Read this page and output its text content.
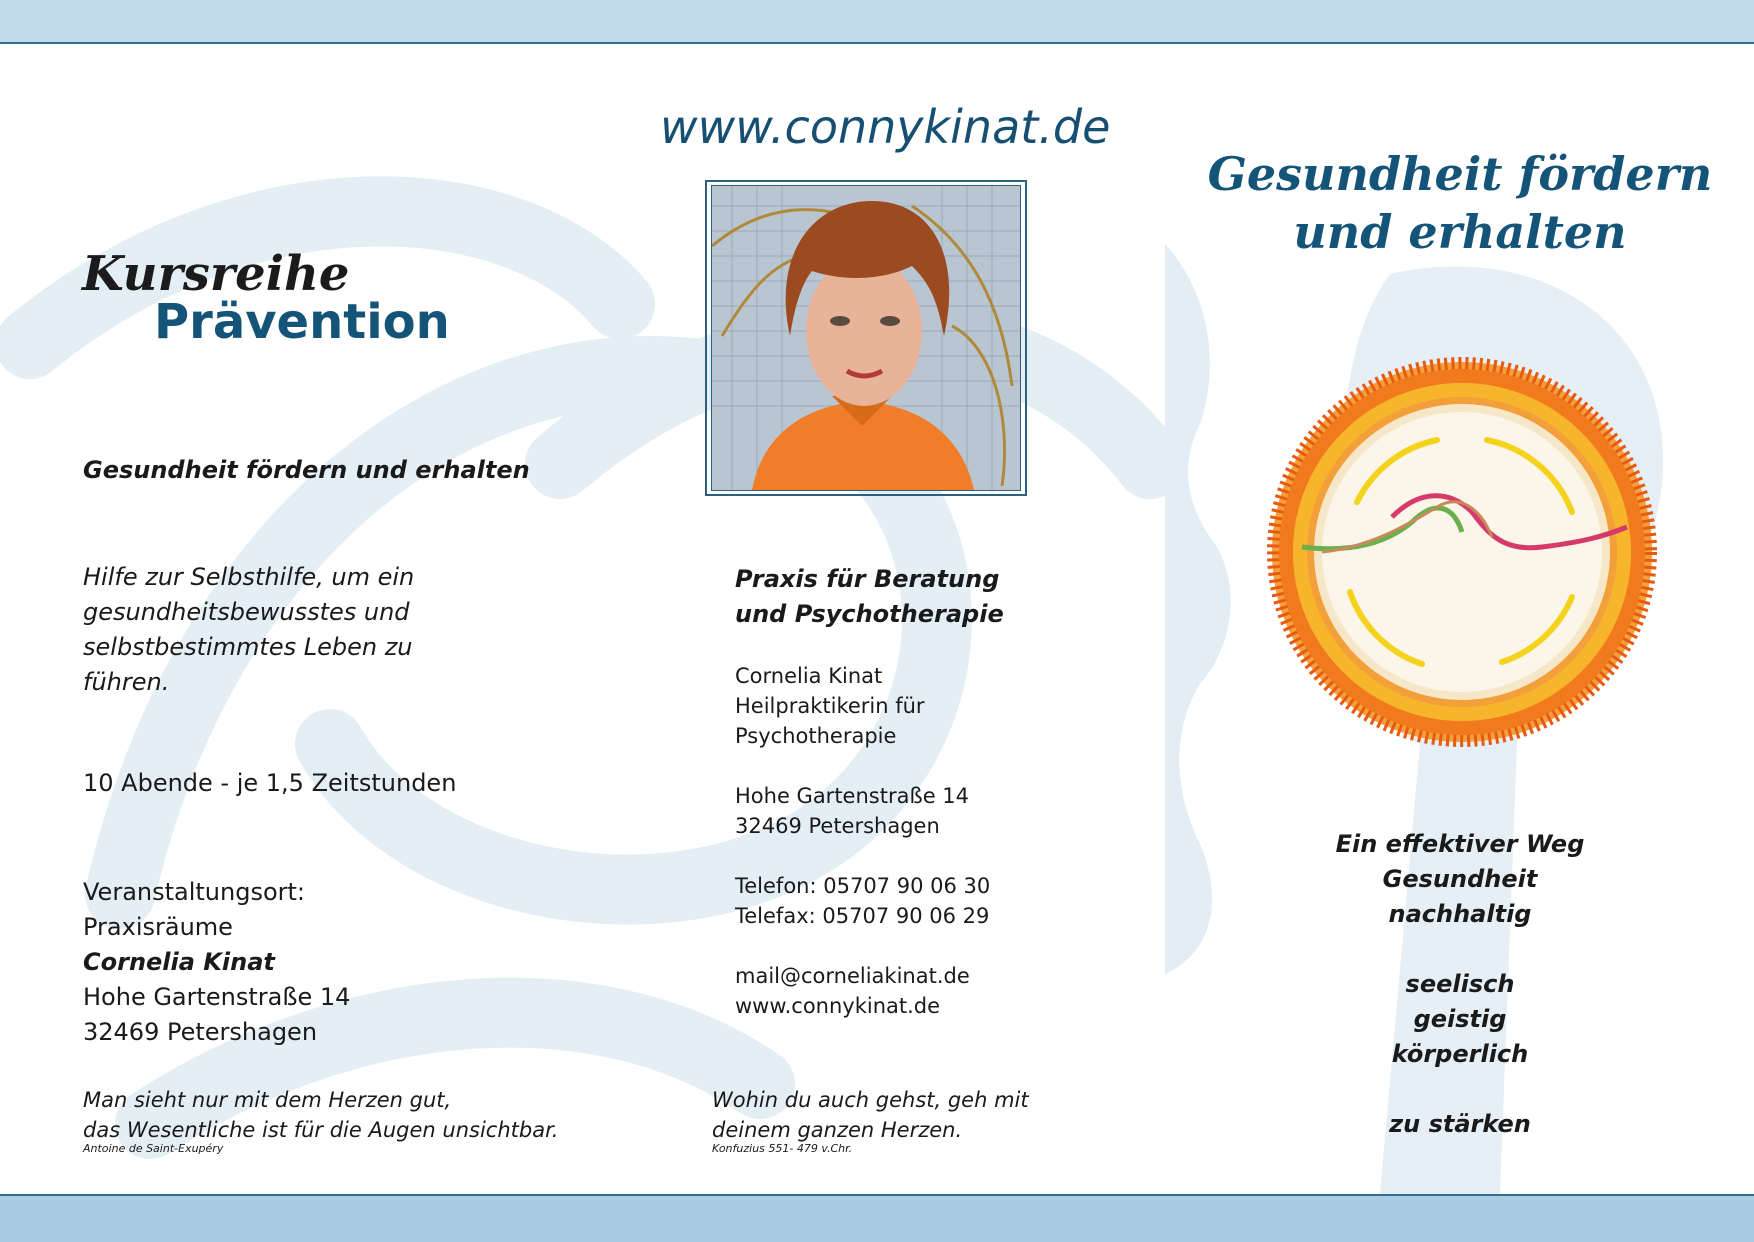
Kursreihe
Prävention
Gesundheit fördern und erhalten
Hilfe zur Selbsthilfe, um ein gesundheitsbewusstes und selbstbestimmtes Leben zu führen.
10 Abende - je 1,5 Zeitstunden
Veranstaltungsort:
Praxisräume
Cornelia Kinat
Hohe Gartenstraße 14
32469 Petershagen
Man sieht nur mit dem Herzen gut,
das Wesentliche ist für die Augen unsichtbar.
Antoine de Saint-Exupéry
www.connykinat.de
Praxis für Beratung
und Psychotherapie

Cornelia Kinat
Heilpraktikerin für
Psychotherapie

Hohe Gartenstraße 14
32469 Petershagen

Telefon: 05707 90 06 30
Telefax: 05707 90 06 29

mail@corneliakinat.de
www.connykinat.de

Wohin du auch gehst, geh mit
deinem ganzen Herzen.
Konfuzius 551- 479 v.Chr.
Gesundheit fördern
und erhalten

Ein effektiver Weg
Gesundheit
nachhaltig

seelisch
geistig
körperlich

zu stärken
